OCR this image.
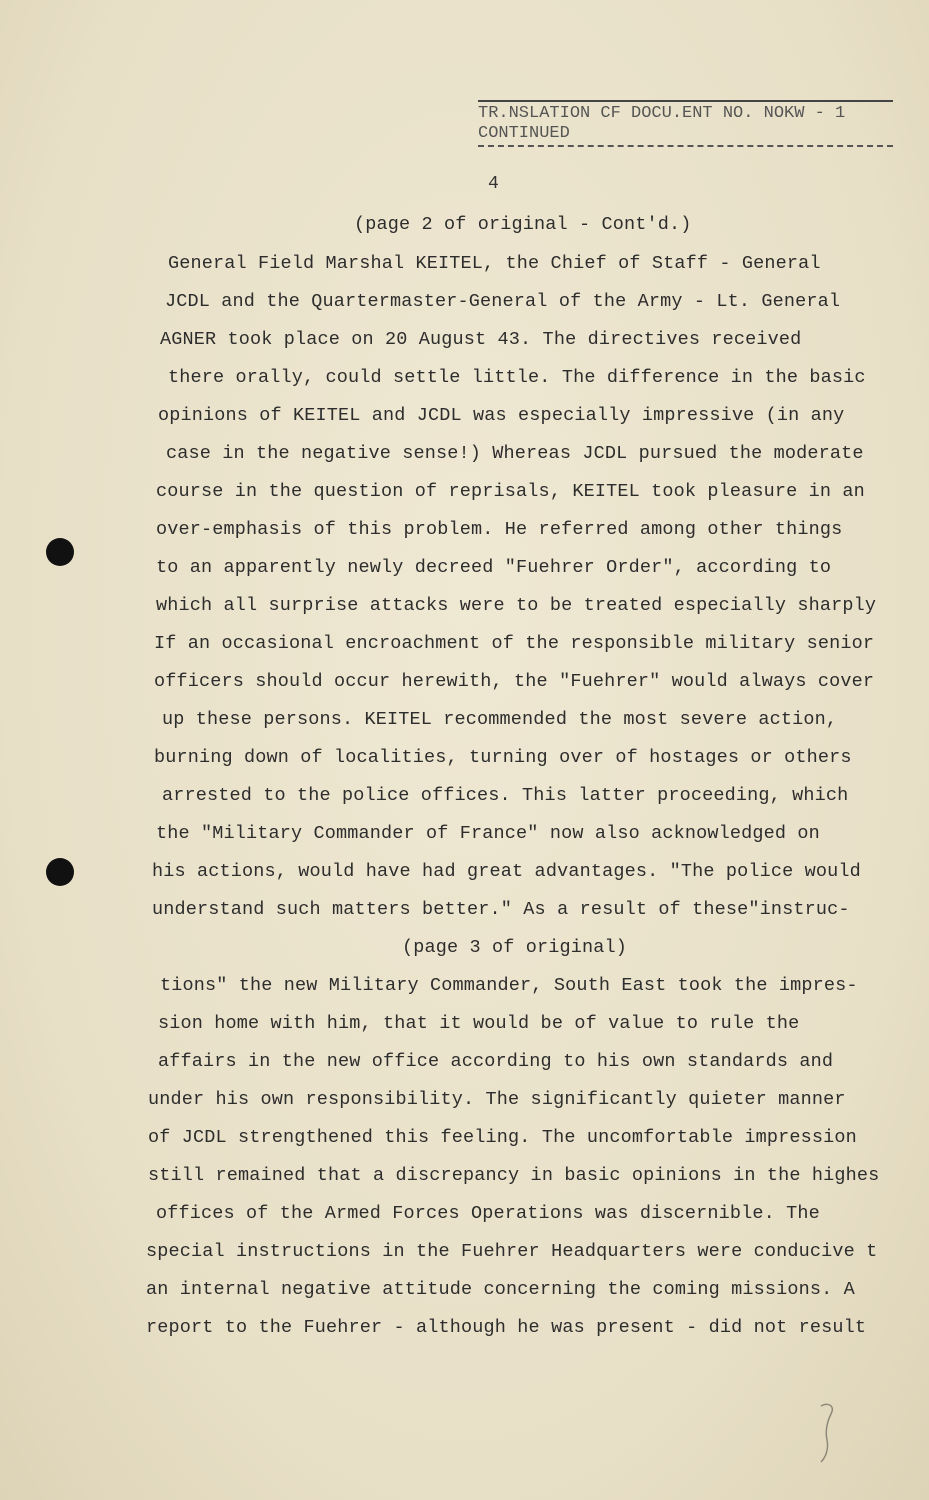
TR.NSLATION CF DOCU.ENT NO. NOKW - 1
CONTINUED
4
(page 2 of original - Cont'd.)
General Field Marshal KEITEL, the Chief of Staff - General
JCDL and the Quartermaster-General of the Army - Lt. General
AGNER took place on 20 August 43. The directives received
there orally, could settle little. The difference in the basic
opinions of KEITEL and JCDL was especially impressive (in any
case in the negative sense!) Whereas JCDL pursued the moderate
course in the question of reprisals, KEITEL took pleasure in an
over-emphasis of this problem. He referred among other things
to an apparently newly decreed "Fuehrer Order", according to
which all surprise attacks were to be treated especially sharply
If an occasional encroachment of the responsible military senior
officers should occur herewith, the "Fuehrer" would always cover
up these persons. KEITEL recommended the most severe action,
burning down of localities, turning over of hostages or others
arrested to the police offices. This latter proceeding, which
the "Military Commander of France" now also acknowledged on
his actions, would have had great advantages. "The police would
understand such matters better." As a result of these"instruc-
(page 3 of original)
tions" the new Military Commander, South East took the impres-
sion home with him, that it would be of value to rule the
affairs in the new office according to his own standards and
under his own responsibility. The significantly quieter manner
of JCDL strengthened this feeling. The uncomfortable impression
still remained that a discrepancy in basic opinions in the highes
offices of the Armed Forces Operations was discernible. The
special instructions in the Fuehrer Headquarters were conducive t
an internal negative attitude concerning the coming missions. A
report to the Fuehrer - although he was present - did not result
